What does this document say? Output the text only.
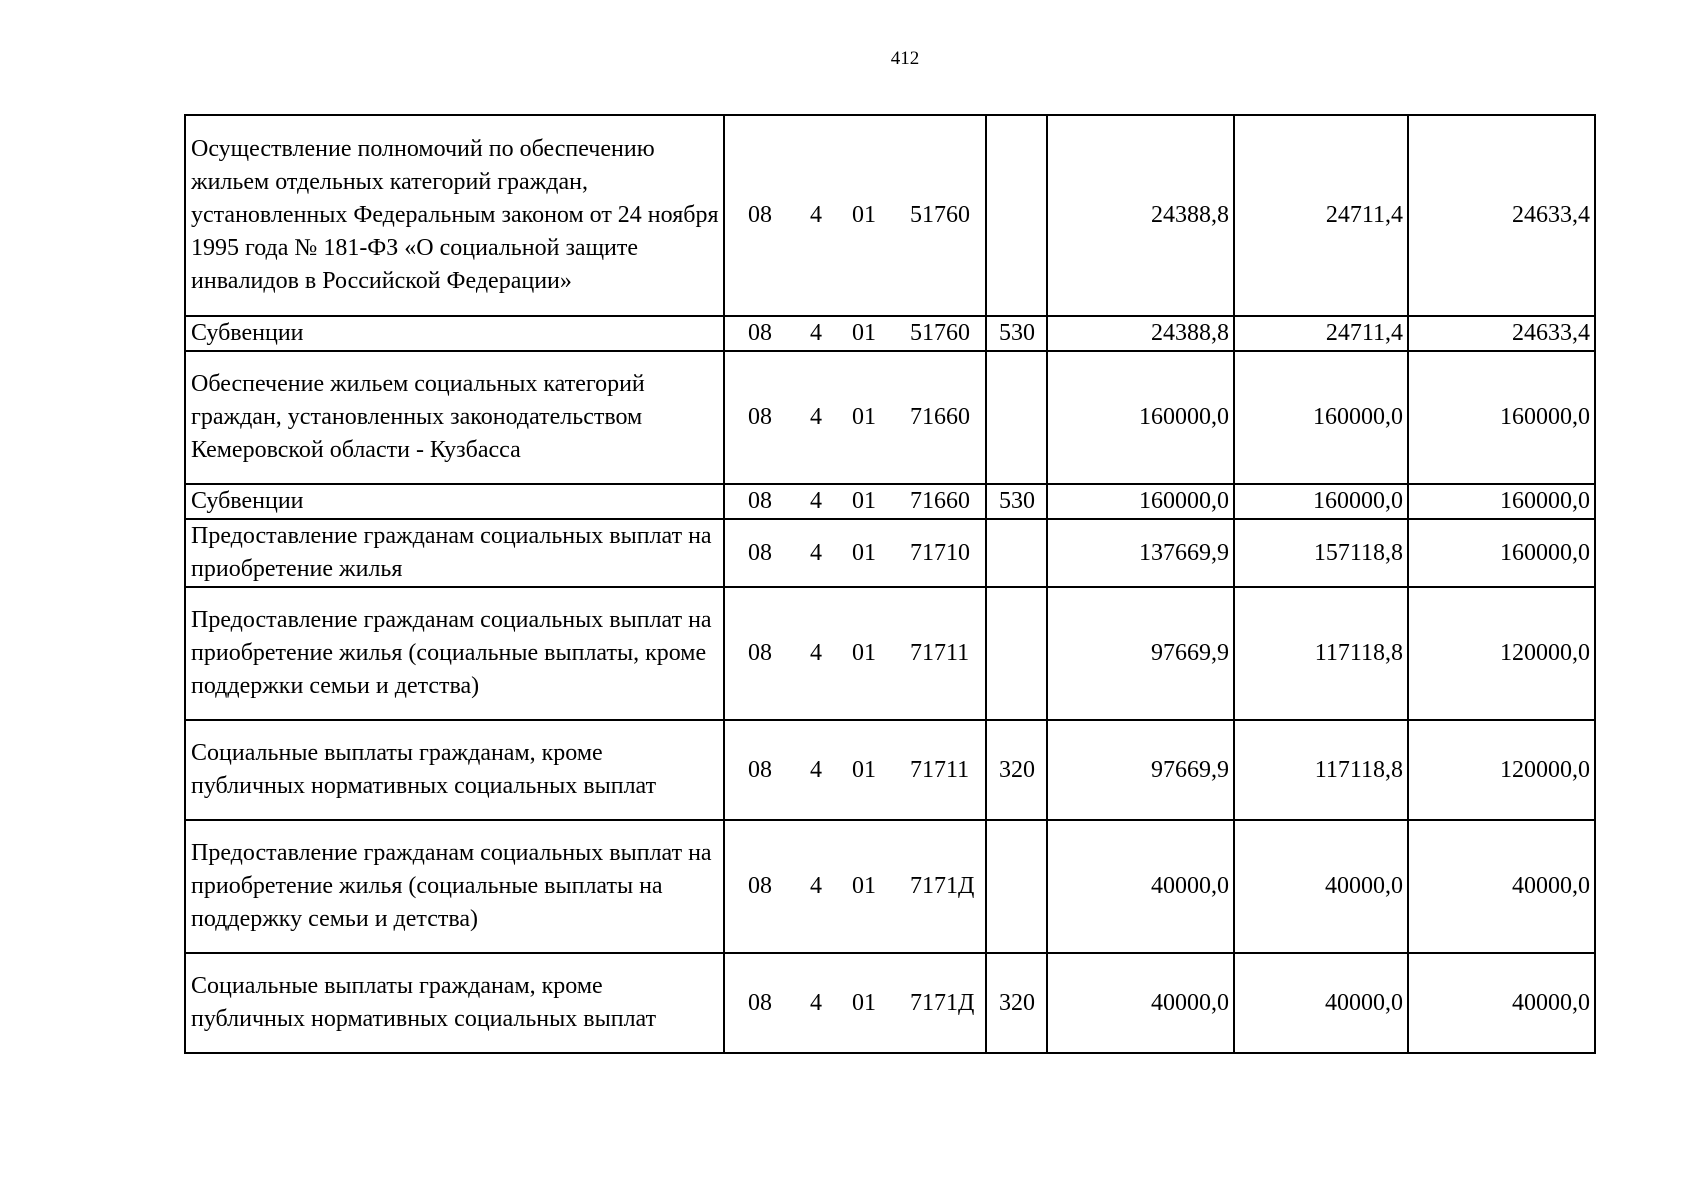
412
Осуществление полномочий по обеспечению жильем отдельных категорий граждан, установленных Федеральным законом от 24 ноября 1995 года № 181-ФЗ «О социальной защите инвалидов в Российской Федерации»	08 4 01 51760		24388,8	24711,4	24633,4
Субвенции	08 4 01 51760	530	24388,8	24711,4	24633,4
Обеспечение жильем социальных категорий граждан, установленных законодательством Кемеровской области - Кузбасса	08 4 01 71660		160000,0	160000,0	160000,0
Субвенции	08 4 01 71660	530	160000,0	160000,0	160000,0
Предоставление гражданам социальных выплат на приобретение жилья	08 4 01 71710		137669,9	157118,8	160000,0
Предоставление гражданам социальных выплат на приобретение жилья (социальные выплаты, кроме поддержки семьи и детства)	08 4 01 71711		97669,9	117118,8	120000,0
Социальные выплаты гражданам, кроме публичных нормативных социальных выплат	08 4 01 71711	320	97669,9	117118,8	120000,0
Предоставление гражданам социальных выплат на приобретение жилья (социальные выплаты на поддержку семьи и детства)	08 4 01 7171Д		40000,0	40000,0	40000,0
Социальные выплаты гражданам, кроме публичных нормативных социальных выплат	08 4 01 7171Д	320	40000,0	40000,0	40000,0
